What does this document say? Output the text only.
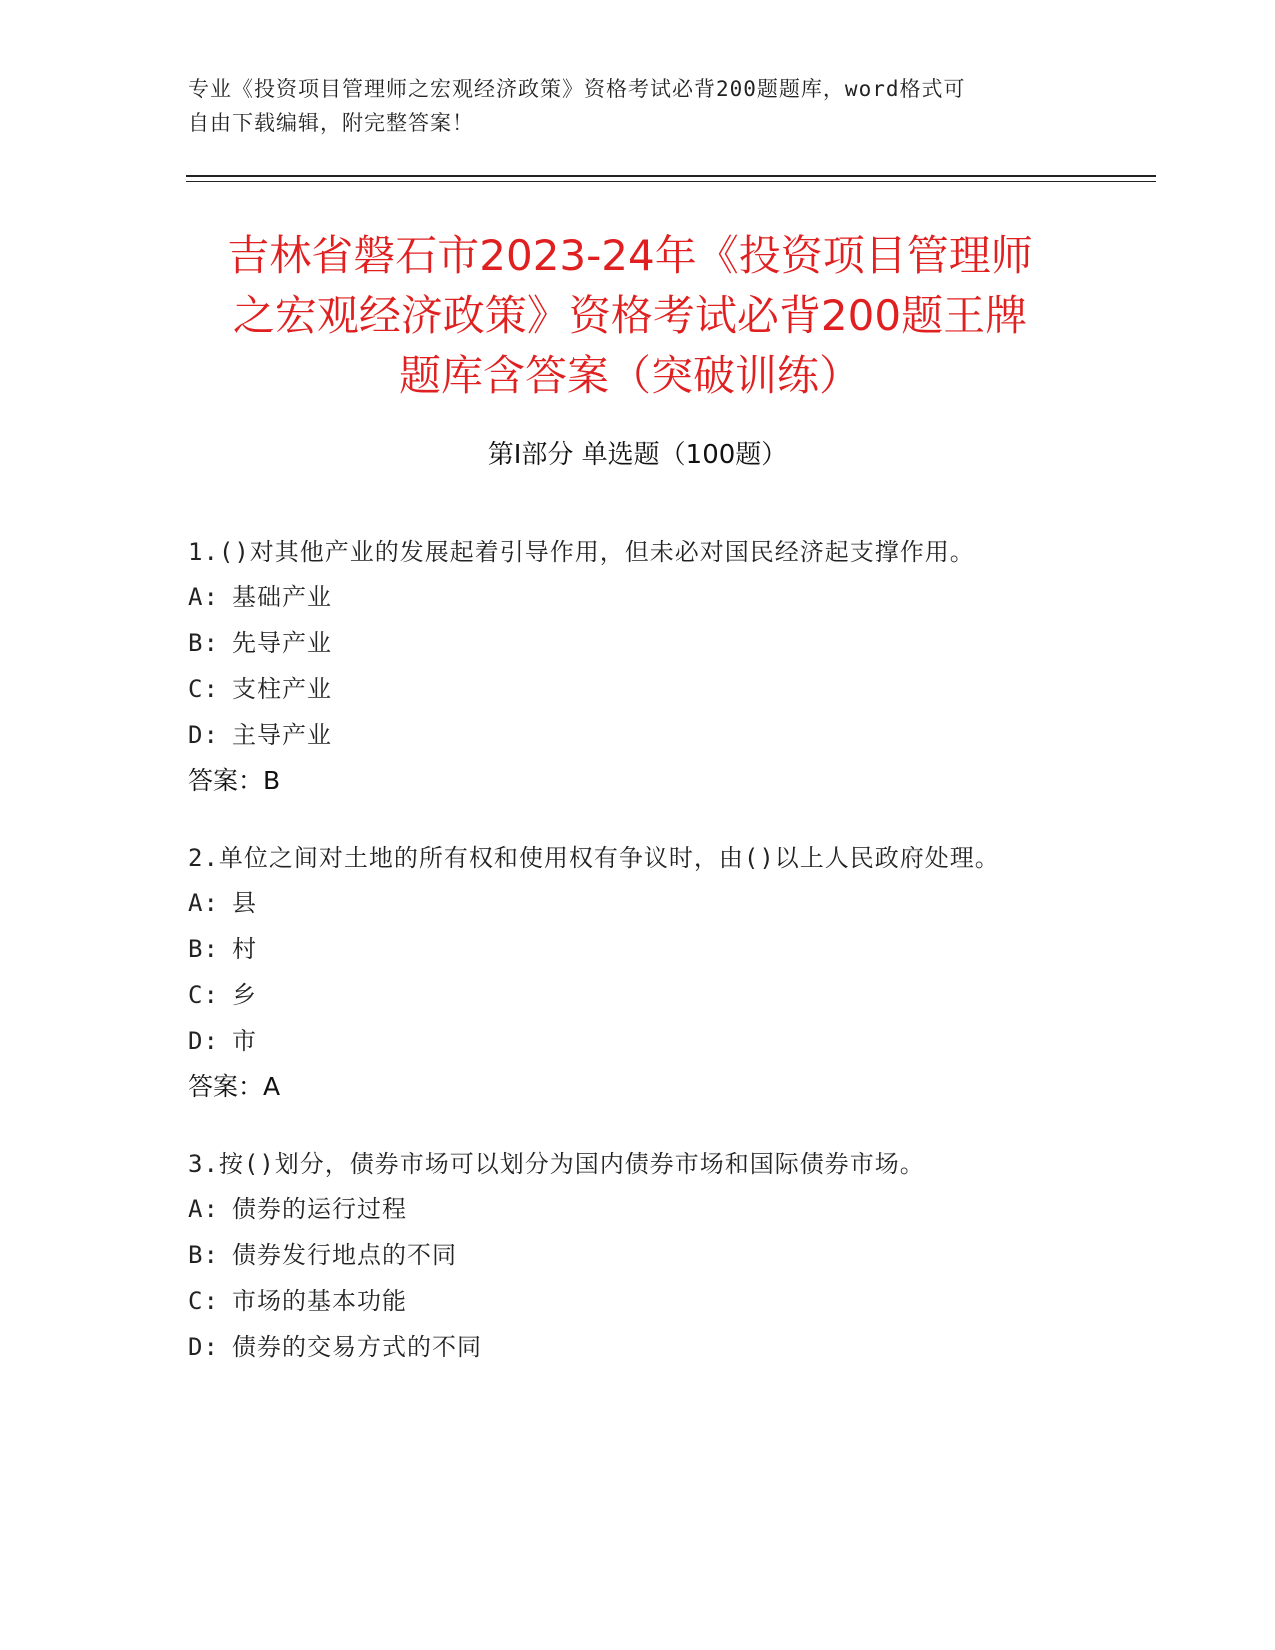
专业《投资项目管理师之宏观经济政策》资格考试必背200题题库，word格式可
自由下载编辑，附完整答案！
吉林省磐石市2023-24年《投资项目管理师
之宏观经济政策》资格考试必背200题王牌
题库含答案（突破训练）
第Ⅰ部分 单选题（100题）
1.()对其他产业的发展起着引导作用，但未必对国民经济起支撑作用。
A: 基础产业
B: 先导产业
C: 支柱产业
D: 主导产业
答案：B
2.单位之间对土地的所有权和使用权有争议时，由()以上人民政府处理。
A: 县
B: 村
C: 乡
D: 市
答案：A
3.按()划分，债券市场可以划分为国内债券市场和国际债券市场。
A: 债券的运行过程
B: 债券发行地点的不同
C: 市场的基本功能
D: 债券的交易方式的不同
